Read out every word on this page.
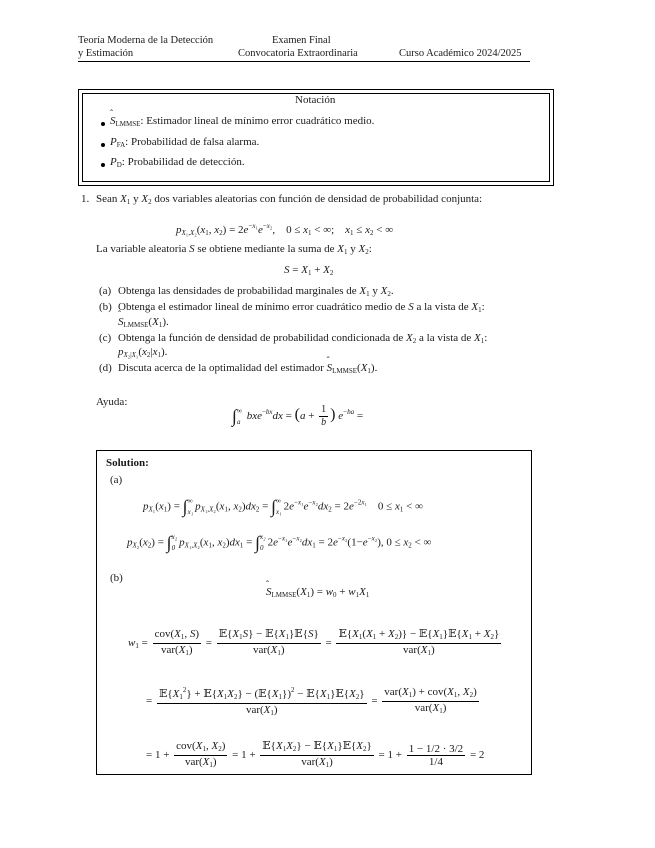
Teoría Moderna de la Detección
y Estimación
Examen Final
Convocatoria Extraordinaria	Curso Académico 2024/2025
Notación
ˆ $S_{LMMSE}$: Estimador lineal de mínimo error cuadrático medio.
$P_{FA}$: Probabilidad de falsa alarma.
$P_D$: Probabilidad de detección.
1. Sean $X_1$ y $X_2$ dos variables aleatorias con función de densidad de probabilidad conjunta:
$p_{X_1,X_2}(x_1$, $x_2) = 2e^{-x_1}e^{-x_2}$,    $0 \le x_1$ < ∞;    $x_1 \le x_2$ < ∞
La variable aleatoria S se obtiene mediante la suma de $X_1$ y $X_2$:
$S = X_1 + X_2$
(a) Obtenga las densidades de probabilidad marginales de $X_1$ y $X_2$.
(b) Obtenga el estimador lineal de mínimo error cuadrático medio de S a la vista de $X_1$:
ˆ $S_{LMMSE}(X_1)$.
(c) Obtenga la función de densidad de probabilidad condicionada de $X_2$ a la vista de $X_1$:
$p_{X_2|X_1}(x_2|x_1)$.
(d) Discuta acerca de la optimalidad del estimador ˆ $S_{LMMSE}(X_1)$.
Ayuda:
∫ ∞
a $bxe^{-bx}dx = (a + \frac{1}{b}$ ) $e^{-ba}$ =
Solution:
(a)
$p_{X_1}(x_1)$ = ∫ ∞
x₁ $p_{X_1,X_2}(x_1$, $x_2)dx_2$ = ∫ ∞
x₁ $2e^{-x_1}e^{-x_2}dx_2 = 2e^{-2x_1}$    $0 \le x_1$ < ∞
$p_{X_2}(x_2)$ = ∫ x₂
0 $p_{X_1,X_2}(x_1$, $x_2)dx_1$ = ∫ x₂
0 $2e^{-x_1}e^{-x_2}dx_1 = 2e^{-x_2}(1-e^{-x_2})$, $0 \le x_2$ < ∞
(b)
ˆ $S_{LMMSE}(X_1) = w_0 + w_1X_1$
$w_1 = \frac{cov(X_1, S)}{var(X_1)} = \frac{𝔼\{X_1S\} - 𝔼\{X_1\}𝔼\{S\}}{var(X_1)} = \frac{𝔼\{X_1(X_1 + X_2)\} - 𝔼\{X_1\}𝔼\{X_1 + X_2\}}{var(X_1)}$
= $\frac{𝔼\{X_1^2\} + 𝔼\{X_1X_2\} - (𝔼\{X_1\})^2 - 𝔼\{X_1\}𝔼\{X_2\}}{var(X_1)} = \frac{var(X_1) + cov(X_1, X_2)}{var(X_1)}$
= $1 + \frac{cov(X_1, X_2)}{var(X_1)} = 1 + \frac{𝔼\{X_1X_2\} - 𝔼\{X_1\}𝔼\{X_2\}}{var(X_1)} = 1 + \frac{1 - 1/2 \cdot 3/2}{1/4} = 2$
